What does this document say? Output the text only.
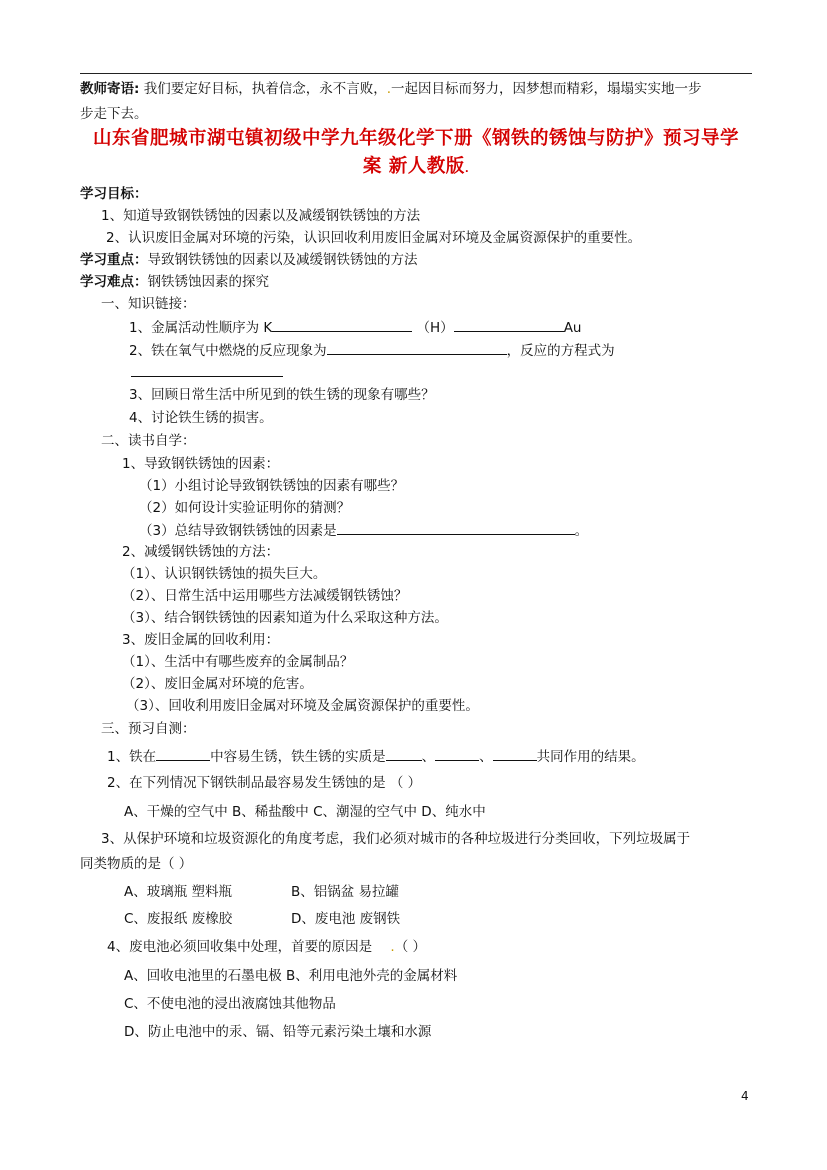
教师寄语: 我们要定好目标，执着信念，永不言败，.一起因目标而努力，因梦想而精彩，塌塌实实地一步
步走下去。
山东省肥城市湖屯镇初级中学九年级化学下册《钢铁的锈蚀与防护》预习导学
案 新人教版.
学习目标：
1、知道导致钢铁锈蚀的因素以及减缓钢铁锈蚀的方法
2、认识废旧金属对环境的污染，认识回收利用废旧金属对环境及金属资源保护的重要性。
学习重点：导致钢铁锈蚀的因素以及减缓钢铁锈蚀的方法
学习难点：钢铁锈蚀因素的探究
一、知识链接：
1、金属活动性顺序为 K	（H）	Au
2、铁在氧气中燃烧的反应现象为	，反应的方程式为
3、回顾日常生活中所见到的铁生锈的现象有哪些？
4、讨论铁生锈的损害。
二、读书自学：
1、导致钢铁锈蚀的因素：
（1）小组讨论导致钢铁锈蚀的因素有哪些？
（2）如何设计实验证明你的猜测？
（3）总结导致钢铁锈蚀的因素是	。
2、减缓钢铁锈蚀的方法：
（1）、认识钢铁锈蚀的损失巨大。
（2）、日常生活中运用哪些方法减缓钢铁锈蚀？
（3）、结合钢铁锈蚀的因素知道为什么采取这种方法。
3、废旧金属的回收利用：
（1）、生活中有哪些废弃的金属制品？
（2）、废旧金属对环境的危害。
（3）、回收利用废旧金属对环境及金属资源保护的重要性。
三、预习自测：
1、铁在	中容易生锈，铁生锈的实质是	、	、	共同作用的结果。
2、在下列情况下钢铁制品最容易发生锈蚀的是 （ ）
A、干燥的空气中 B、稀盐酸中 C、潮湿的空气中 D、纯水中
3、从保护环境和垃圾资源化的角度考虑，我们必须对城市的各种垃圾进行分类回收，下列垃圾属于
同类物质的是（ ）
A、玻璃瓶 塑料瓶	B、铝锅盆 易拉罐
C、废报纸 废橡胶	D、废电池 废钢铁
4、废电池必须回收集中处理，首要的原因是 .（ ）
A、回收电池里的石墨电极 B、利用电池外壳的金属材料
C、不使电池的浸出液腐蚀其他物品
D、防止电池中的汞、镉、铅等元素污染土壤和水源
4
